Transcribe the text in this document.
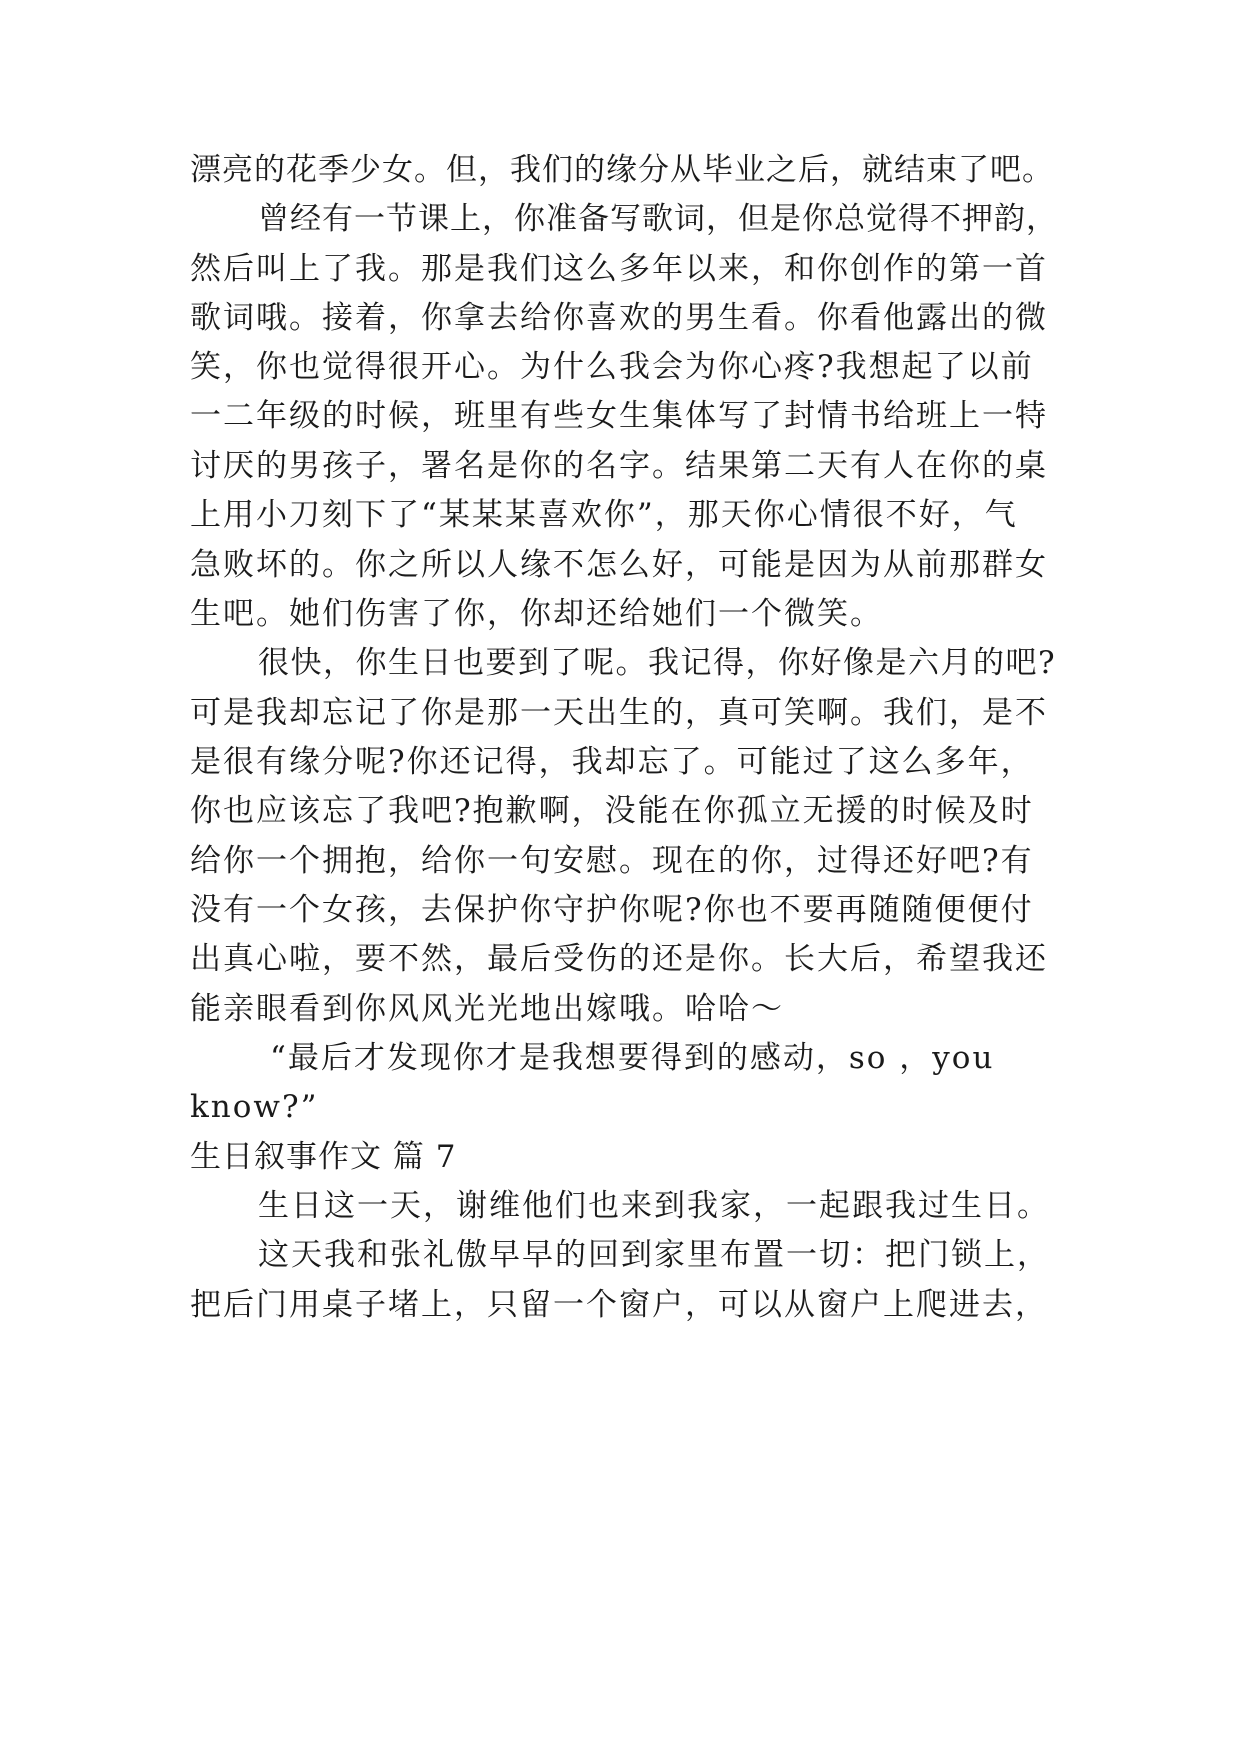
漂亮的花季少女。但，我们的缘分从毕业之后，就结束了吧。
曾经有一节课上，你准备写歌词，但是你总觉得不押韵，
然后叫上了我。那是我们这么多年以来，和你创作的第一首
歌词哦。接着，你拿去给你喜欢的男生看。你看他露出的微
笑，你也觉得很开心。为什么我会为你心疼?我想起了以前
一二年级的时候，班里有些女生集体写了封情书给班上一特
讨厌的男孩子，署名是你的名字。结果第二天有人在你的桌
上用小刀刻下了“某某某喜欢你”，那天你心情很不好，气
急败坏的。你之所以人缘不怎么好，可能是因为从前那群女
生吧。她们伤害了你，你却还给她们一个微笑。
很快，你生日也要到了呢。我记得，你好像是六月的吧?
可是我却忘记了你是那一天出生的，真可笑啊。我们，是不
是很有缘分呢?你还记得，我却忘了。可能过了这么多年，
你也应该忘了我吧?抱歉啊，没能在你孤立无援的时候及时
给你一个拥抱，给你一句安慰。现在的你，过得还好吧?有
没有一个女孩，去保护你守护你呢?你也不要再随随便便付
出真心啦，要不然，最后受伤的还是你。长大后，希望我还
能亲眼看到你风风光光地出嫁哦。哈哈～
“最后才发现你才是我想要得到的感动，so ，you
know?”
生日叙事作文 篇 7
生日这一天，谢维他们也来到我家，一起跟我过生日。
这天我和张礼傲早早的回到家里布置一切：把门锁上，
把后门用桌子堵上，只留一个窗户，可以从窗户上爬进去，
